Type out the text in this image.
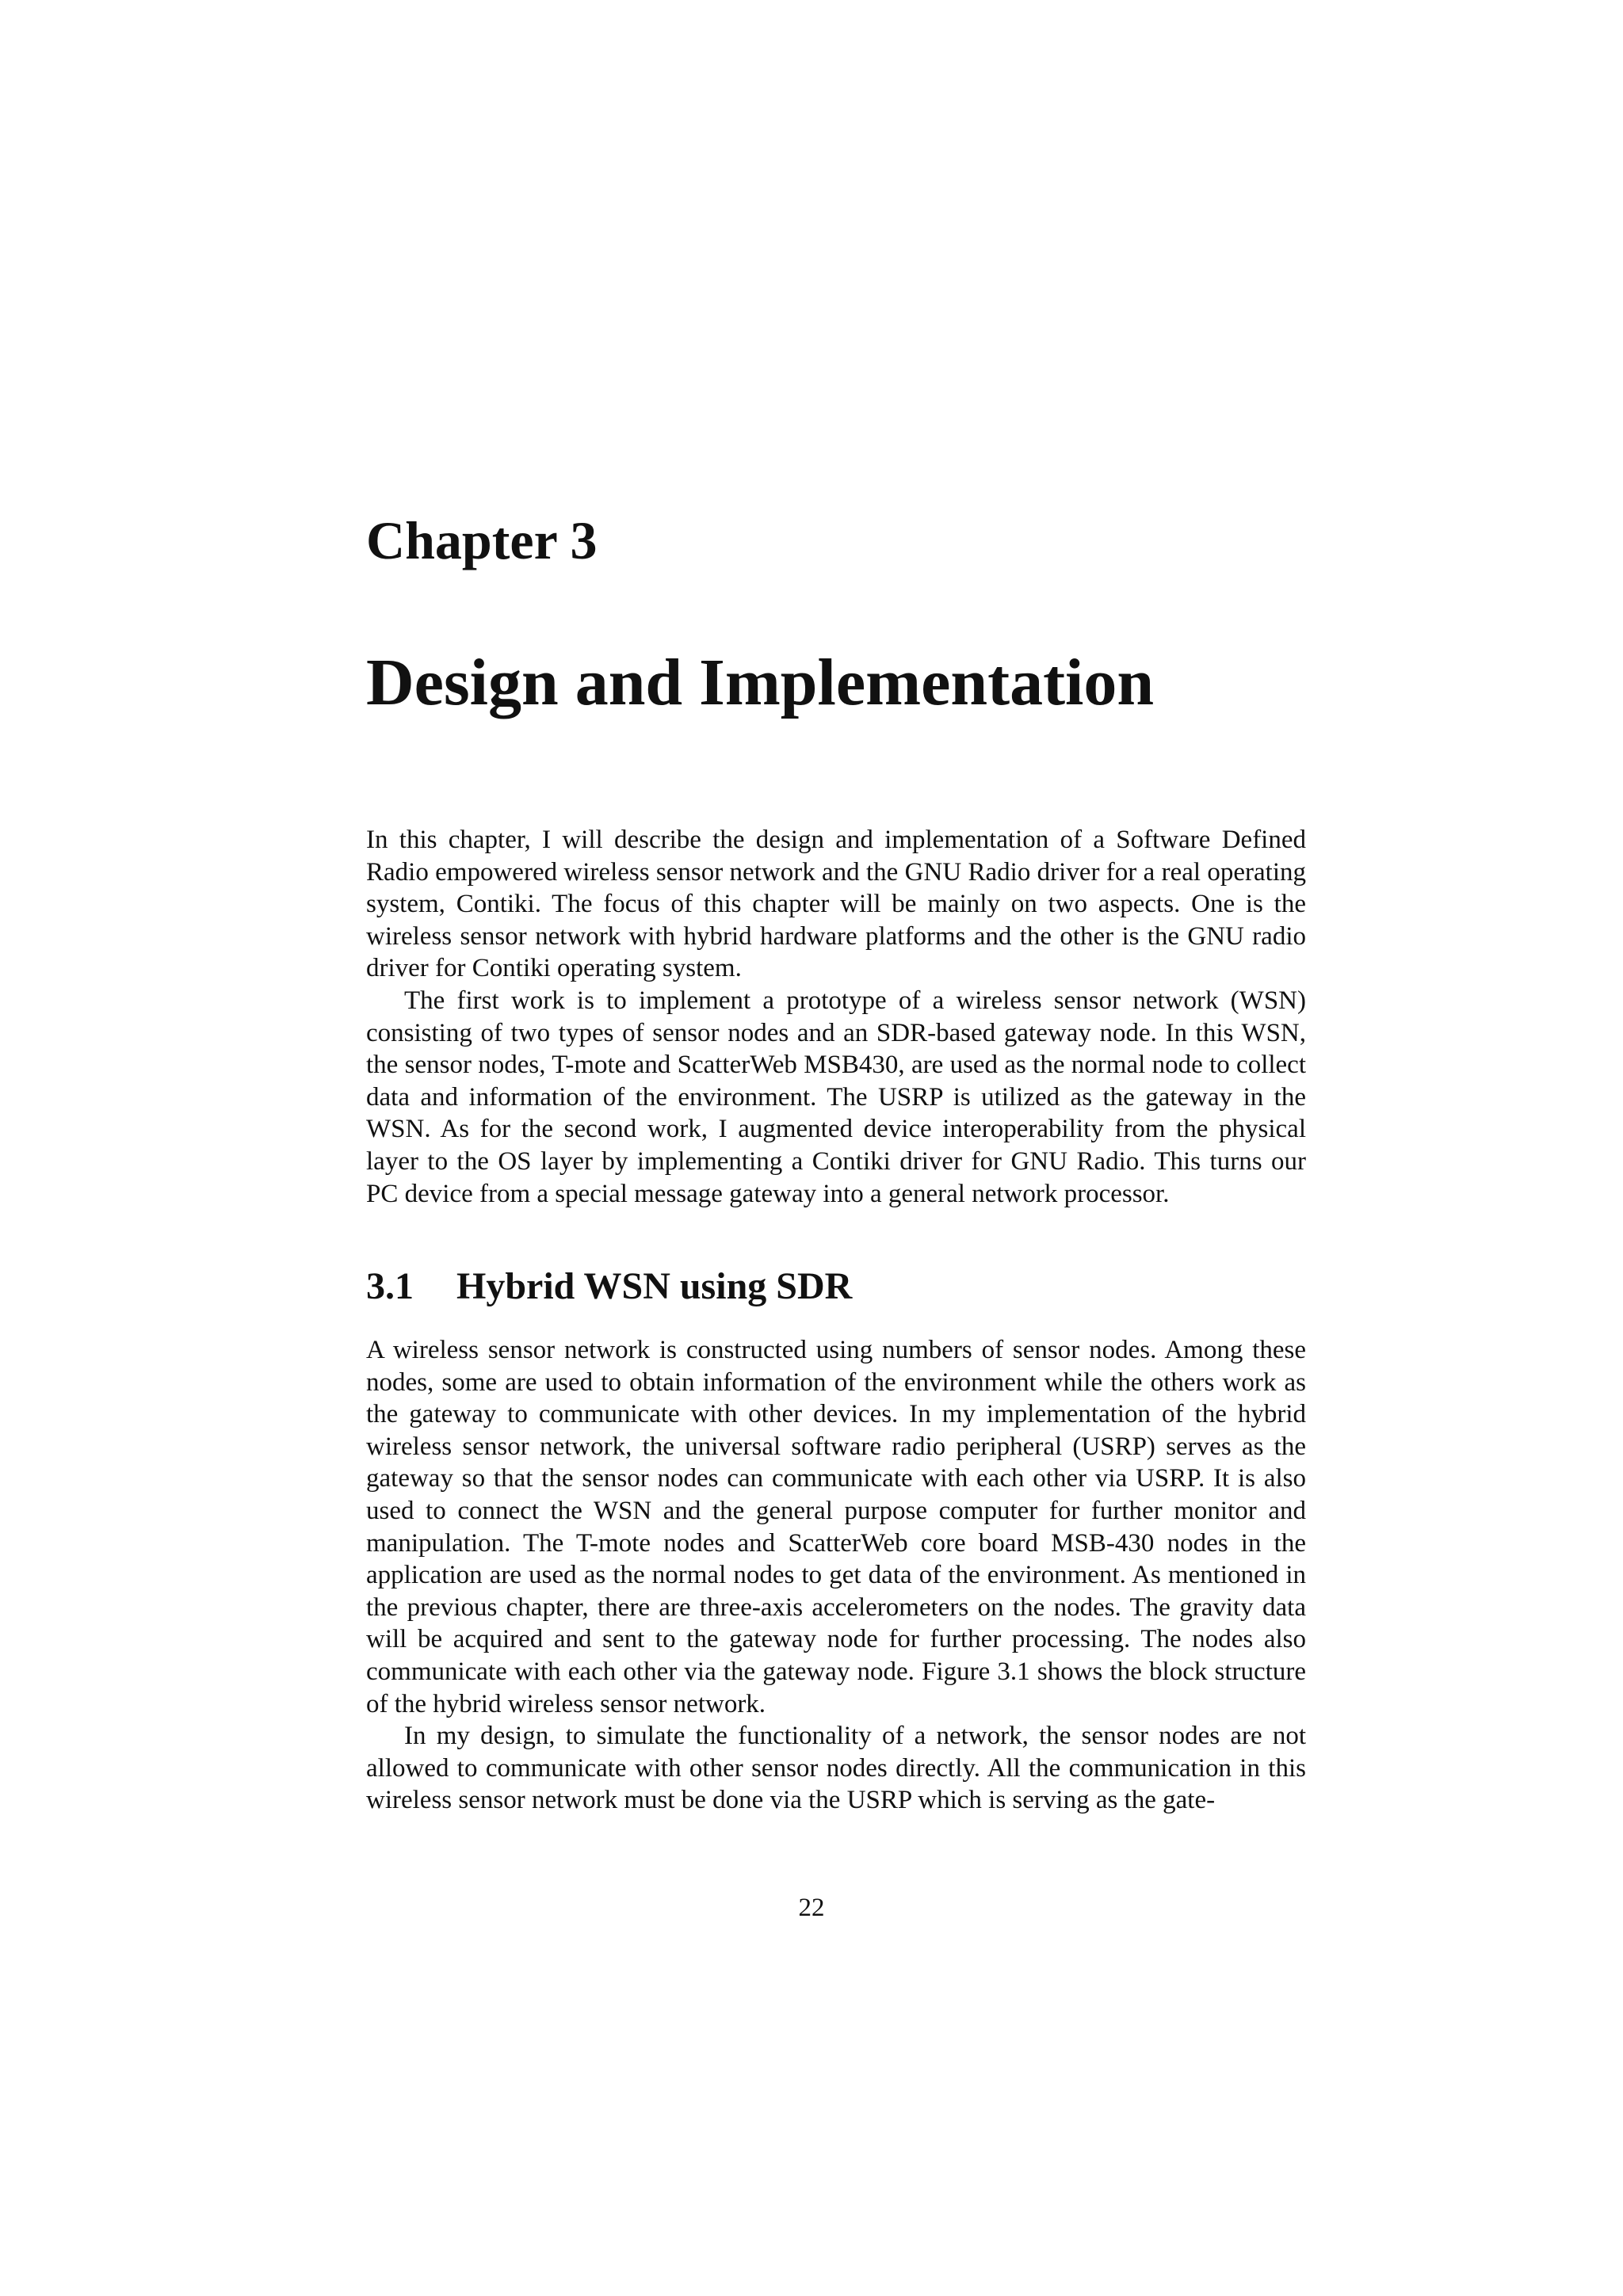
Chapter 3
Design and Implementation

In this chapter, I will describe the design and implementation of a Software Defined Radio empowered wireless sensor network and the GNU Radio driver for a real operating system, Contiki. The focus of this chapter will be mainly on two aspects. One is the wireless sensor network with hybrid hardware platforms and the other is the GNU radio driver for Contiki operating system.

The first work is to implement a prototype of a wireless sensor network (WSN) consisting of two types of sensor nodes and an SDR-based gateway node. In this WSN, the sensor nodes, T-mote and ScatterWeb MSB430, are used as the normal node to collect data and information of the environment. The USRP is utilized as the gateway in the WSN. As for the second work, I augmented device interoperability from the physical layer to the OS layer by implementing a Contiki driver for GNU Radio. This turns our PC device from a special message gateway into a general network processor.

3.1 Hybrid WSN using SDR

A wireless sensor network is constructed using numbers of sensor nodes. Among these nodes, some are used to obtain information of the environment while the others work as the gateway to communicate with other devices. In my implementation of the hybrid wireless sensor network, the universal software radio peripheral (USRP) serves as the gateway so that the sensor nodes can communicate with each other via USRP. It is also used to connect the WSN and the general purpose computer for further monitor and manipulation. The T-mote nodes and ScatterWeb core board MSB-430 nodes in the application are used as the normal nodes to get data of the environment. As mentioned in the previous chapter, there are three-axis accelerometers on the nodes. The gravity data will be acquired and sent to the gateway node for further processing. The nodes also communicate with each other via the gateway node. Figure 3.1 shows the block structure of the hybrid wireless sensor network.

In my design, to simulate the functionality of a network, the sensor nodes are not allowed to communicate with other sensor nodes directly. All the communication in this wireless sensor network must be done via the USRP which is serving as the gate-

22
